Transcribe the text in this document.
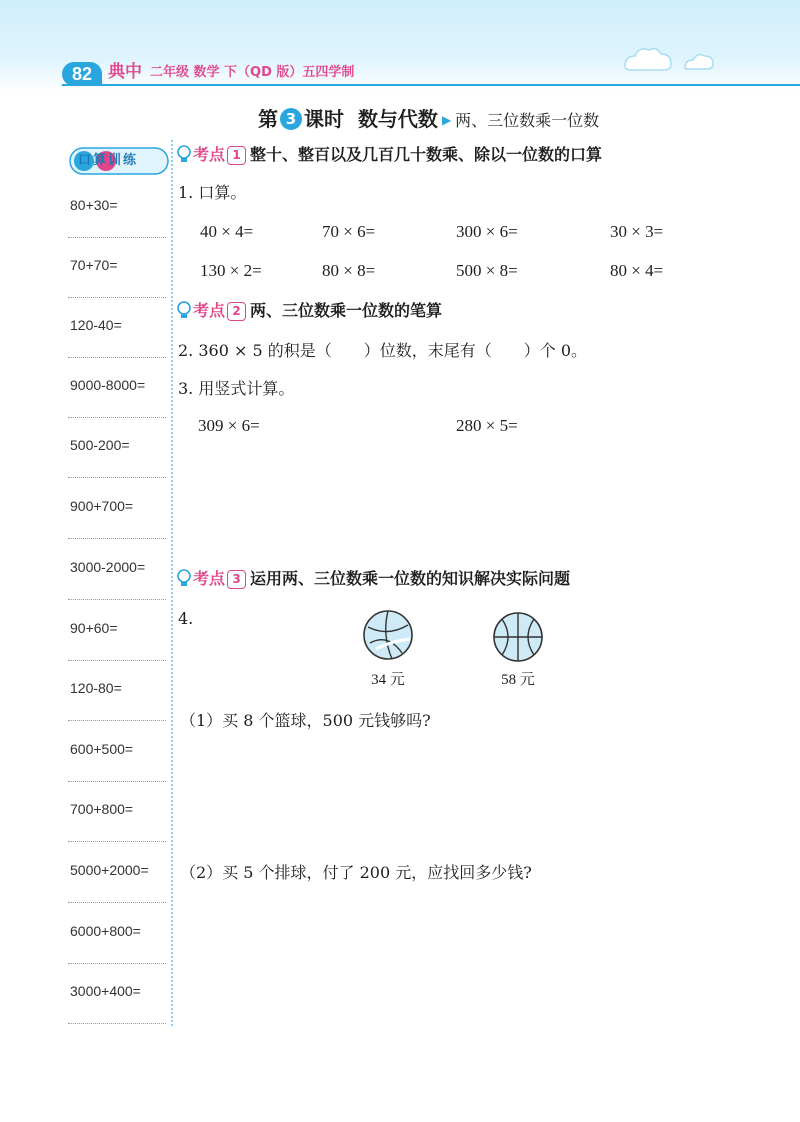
82 典中 二年级 数学 下（QD 版）五四学制
第 3 课时 数与代数 ▶ 两、三位数乘一位数
口算训练
80+30=
70+70=
120-40=
9000-8000=
500-200=
900+700=
3000-2000=
90+60=
120-80=
600+500=
700+800=
5000+2000=
6000+800=
3000+400=
考点 1 整十、整百以及几百几十数乘、除以一位数的口算
1. 口算。
40 × 4=	70 × 6=	300 × 6=	30 × 3=
130 × 2=	80 × 8=	500 × 8=	80 × 4=
考点 2 两、三位数乘一位数的笔算
2. 360 × 5 的积是（　　）位数，末尾有（　　）个 0。
3. 用竖式计算。
309 × 6=	280 × 5=
考点 3 运用两、三位数乘一位数的知识解决实际问题
4.
34 元	58 元
（1）买 8 个篮球，500 元钱够吗?
（2）买 5 个排球，付了 200 元，应找回多少钱?
